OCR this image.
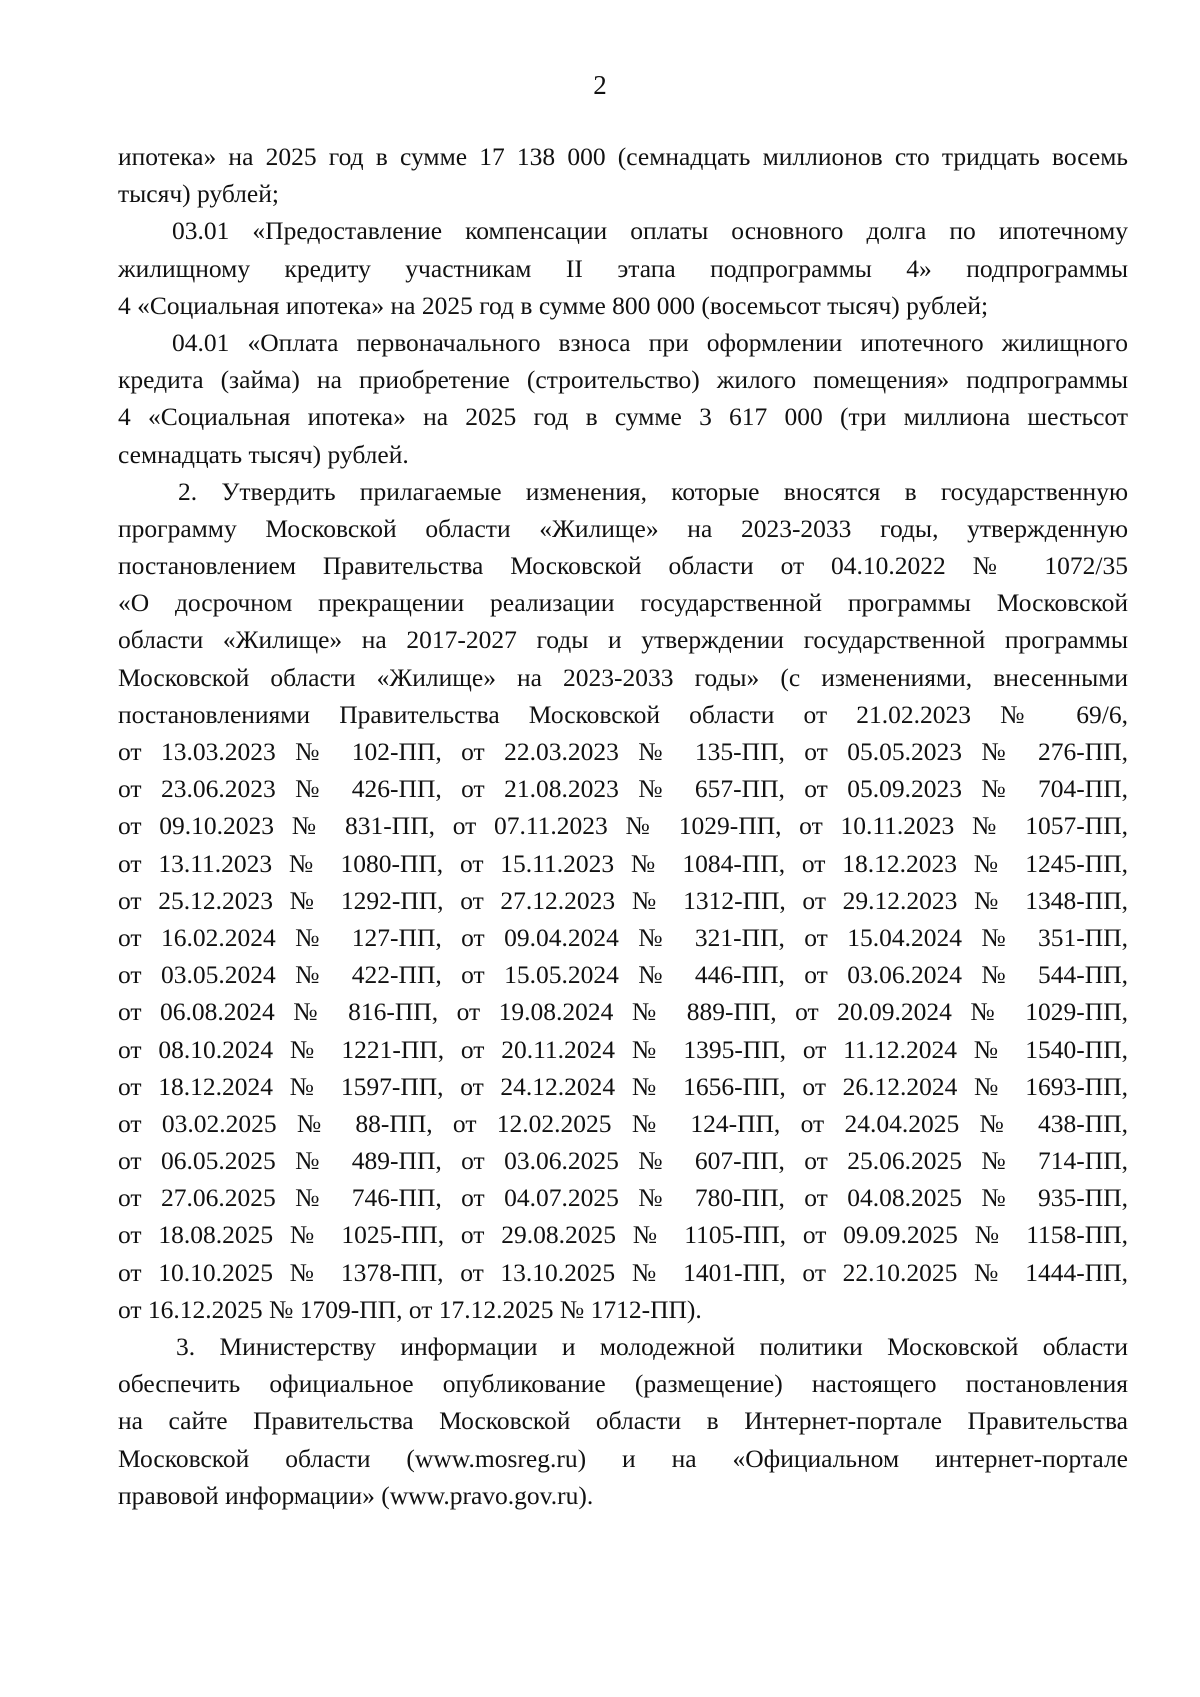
2
ипотека» на 2025 год в сумме 17 138 000 (семнадцать миллионов сто тридцать восемь
тысяч) рублей;
03.01 «Предоставление компенсации оплаты основного долга по ипотечному
жилищному кредиту участникам II этапа подпрограммы 4» подпрограммы
4 «Социальная ипотека» на 2025 год в сумме 800 000 (восемьсот тысяч) рублей;
04.01 «Оплата первоначального взноса при оформлении ипотечного жилищного
кредита (займа) на приобретение (строительство) жилого помещения» подпрограммы
4 «Социальная ипотека» на 2025 год в сумме 3 617 000 (три миллиона шестьсот
семнадцать тысяч) рублей.
2. Утвердить прилагаемые изменения, которые вносятся в государственную
программу Московской области «Жилище» на 2023-2033 годы, утвержденную
постановлением Правительства Московской области от 04.10.2022 № 1072/35
«О досрочном прекращении реализации государственной программы Московской
области «Жилище» на 2017-2027 годы и утверждении государственной программы
Московской области «Жилище» на 2023-2033 годы» (с изменениями, внесенными
постановлениями Правительства Московской области от 21.02.2023 № 69/6,
от 13.03.2023 № 102-ПП, от 22.03.2023 № 135-ПП, от 05.05.2023 № 276-ПП,
от 23.06.2023 № 426-ПП, от 21.08.2023 № 657-ПП, от 05.09.2023 № 704-ПП,
от 09.10.2023 № 831-ПП, от 07.11.2023 № 1029-ПП, от 10.11.2023 № 1057-ПП,
от 13.11.2023 № 1080-ПП, от 15.11.2023 № 1084-ПП, от 18.12.2023 № 1245-ПП,
от 25.12.2023 № 1292-ПП, от 27.12.2023 № 1312-ПП, от 29.12.2023 № 1348-ПП,
от 16.02.2024 № 127-ПП, от 09.04.2024 № 321-ПП, от 15.04.2024 № 351-ПП,
от 03.05.2024 № 422-ПП, от 15.05.2024 № 446-ПП, от 03.06.2024 № 544-ПП,
от 06.08.2024 № 816-ПП, от 19.08.2024 № 889-ПП, от 20.09.2024 № 1029-ПП,
от 08.10.2024 № 1221-ПП, от 20.11.2024 № 1395-ПП, от 11.12.2024 № 1540-ПП,
от 18.12.2024 № 1597-ПП, от 24.12.2024 № 1656-ПП, от 26.12.2024 № 1693-ПП,
от 03.02.2025 № 88-ПП, от 12.02.2025 № 124-ПП, от 24.04.2025 № 438-ПП,
от 06.05.2025 № 489-ПП, от 03.06.2025 № 607-ПП, от 25.06.2025 № 714-ПП,
от 27.06.2025 № 746-ПП, от 04.07.2025 № 780-ПП, от 04.08.2025 № 935-ПП,
от 18.08.2025 № 1025-ПП, от 29.08.2025 № 1105-ПП, от 09.09.2025 № 1158-ПП,
от 10.10.2025 № 1378-ПП, от 13.10.2025 № 1401-ПП, от 22.10.2025 № 1444-ПП,
от 16.12.2025 № 1709-ПП, от 17.12.2025 № 1712-ПП).
3. Министерству информации и молодежной политики Московской области
обеспечить официальное опубликование (размещение) настоящего постановления
на сайте Правительства Московской области в Интернет-портале Правительства
Московской области (www.mosreg.ru) и на «Официальном интернет-портале
правовой информации» (www.pravo.gov.ru).
